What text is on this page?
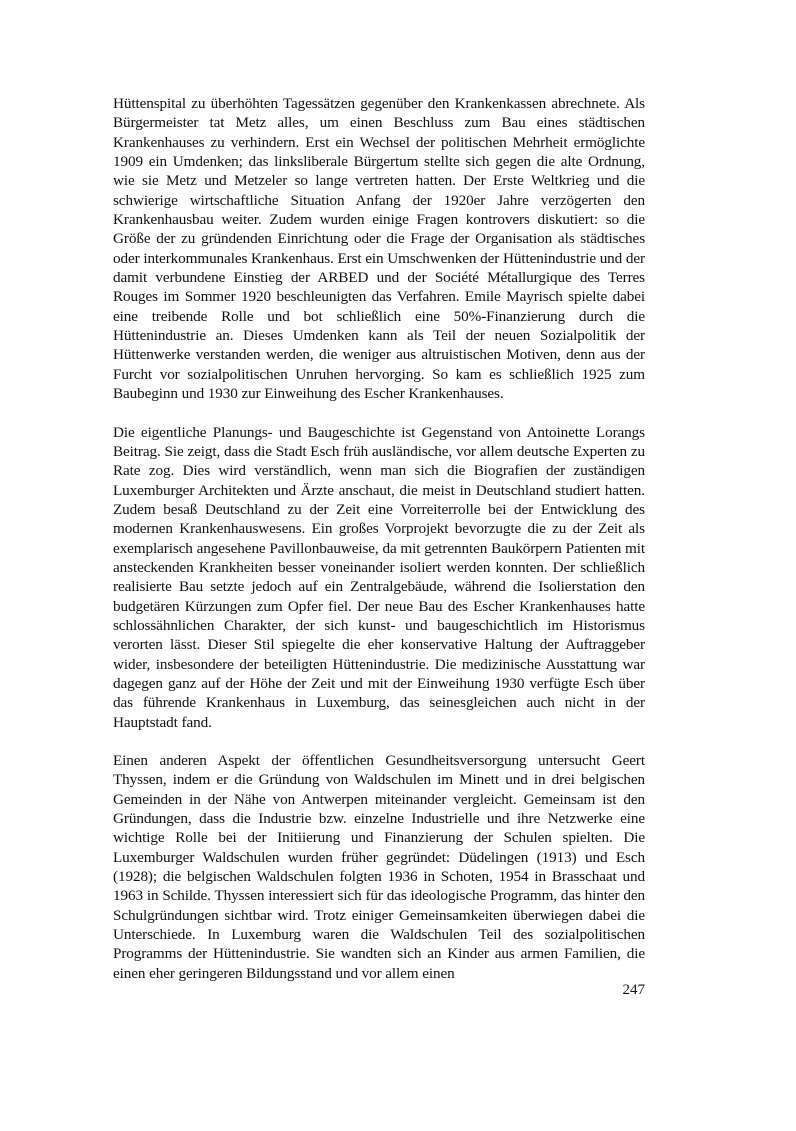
Hüttenspital zu überhöhten Tagessätzen gegenüber den Krankenkassen abrechnete. Als Bürgermeister tat Metz alles, um einen Beschluss zum Bau eines städtischen Krankenhauses zu verhindern. Erst ein Wechsel der politischen Mehrheit ermöglichte 1909 ein Umdenken; das linksliberale Bürgertum stellte sich gegen die alte Ordnung, wie sie Metz und Metzeler so lange vertreten hatten. Der Erste Weltkrieg und die schwierige wirtschaftliche Situation Anfang der 1920er Jahre verzögerten den Krankenhausbau weiter. Zudem wurden einige Fragen kontrovers diskutiert: so die Größe der zu gründenden Einrichtung oder die Frage der Organisation als städtisches oder interkommunales Krankenhaus. Erst ein Umschwenken der Hüttenindustrie und der damit verbundene Einstieg der ARBED und der Société Métallurgique des Terres Rouges im Sommer 1920 beschleunigten das Verfahren. Emile Mayrisch spielte dabei eine treibende Rolle und bot schließlich eine 50%-Finanzierung durch die Hüttenindustrie an. Dieses Umdenken kann als Teil der neuen Sozialpolitik der Hüttenwerke verstanden werden, die weniger aus altruistischen Motiven, denn aus der Furcht vor sozialpolitischen Unruhen hervorging. So kam es schließlich 1925 zum Baubeginn und 1930 zur Einweihung des Escher Krankenhauses.

Die eigentliche Planungs- und Baugeschichte ist Gegenstand von Antoinette Lorangs Beitrag. Sie zeigt, dass die Stadt Esch früh ausländische, vor allem deutsche Experten zu Rate zog. Dies wird verständlich, wenn man sich die Biografien der zuständigen Luxemburger Architekten und Ärzte anschaut, die meist in Deutschland studiert hatten. Zudem besaß Deutschland zu der Zeit eine Vorreiterrolle bei der Entwicklung des modernen Krankenhauswesens. Ein großes Vorprojekt bevorzugte die zu der Zeit als exemplarisch angesehene Pavillonbauweise, da mit getrennten Baukörpern Patienten mit ansteckenden Krankheiten besser voneinander isoliert werden konnten. Der schließlich realisierte Bau setzte jedoch auf ein Zentralgebäude, während die Isolierstation den budgetären Kürzungen zum Opfer fiel. Der neue Bau des Escher Krankenhauses hatte schlossähnlichen Charakter, der sich kunst- und baugeschichtlich im Historismus verorten lässt. Dieser Stil spiegelte die eher konservative Haltung der Auftraggeber wider, insbesondere der beteiligten Hüttenindustrie. Die medizinische Ausstattung war dagegen ganz auf der Höhe der Zeit und mit der Einweihung 1930 verfügte Esch über das führende Krankenhaus in Luxemburg, das seinesgleichen auch nicht in der Hauptstadt fand.

Einen anderen Aspekt der öffentlichen Gesundheitsversorgung untersucht Geert Thyssen, indem er die Gründung von Waldschulen im Minett und in drei belgischen Gemeinden in der Nähe von Antwerpen miteinander vergleicht. Gemeinsam ist den Gründungen, dass die Industrie bzw. einzelne Industrielle und ihre Netzwerke eine wichtige Rolle bei der Initiierung und Finanzierung der Schulen spielten. Die Luxemburger Waldschulen wurden früher gegründet: Düdelingen (1913) und Esch (1928); die belgischen Waldschulen folgten 1936 in Schoten, 1954 in Brasschaat und 1963 in Schilde. Thyssen interessiert sich für das ideologische Programm, das hinter den Schulgründungen sichtbar wird. Trotz einiger Gemeinsamkeiten überwiegen dabei die Unterschiede. In Luxemburg waren die Waldschulen Teil des sozialpolitischen Programms der Hüttenindustrie. Sie wandten sich an Kinder aus armen Familien, die einen eher geringeren Bildungsstand und vor allem einen

247
